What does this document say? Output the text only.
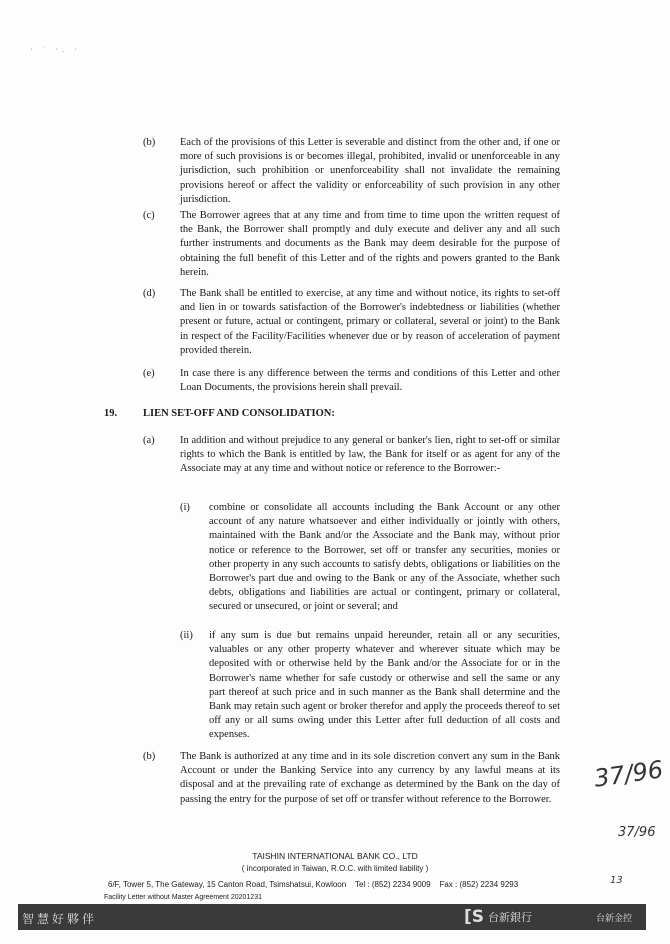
· ˙ ·. ·
(b) Each of the provisions of this Letter is severable and distinct from the other and, if one or more of such provisions is or becomes illegal, prohibited, invalid or unenforceable in any jurisdiction, such prohibition or unenforceability shall not invalidate the remaining provisions hereof or affect the validity or enforceability of such provision in any other jurisdiction.
(c) The Borrower agrees that at any time and from time to time upon the written request of the Bank, the Borrower shall promptly and duly execute and deliver any and all such further instruments and documents as the Bank may deem desirable for the purpose of obtaining the full benefit of this Letter and of the rights and powers granted to the Bank herein.
(d) The Bank shall be entitled to exercise, at any time and without notice, its rights to set-off and lien in or towards satisfaction of the Borrower's indebtedness or liabilities (whether present or future, actual or contingent, primary or collateral, several or joint) to the Bank in respect of the Facility/Facilities whenever due or by reason of acceleration of payment provided therein.
(e) In case there is any difference between the terms and conditions of this Letter and other Loan Documents, the provisions herein shall prevail.
19. LIEN SET-OFF AND CONSOLIDATION:
(a) In addition and without prejudice to any general or banker's lien, right to set-off or similar rights to which the Bank is entitled by law, the Bank for itself or as agent for any of the Associate may at any time and without notice or reference to the Borrower:-
(i) combine or consolidate all accounts including the Bank Account or any other account of any nature whatsoever and either individually or jointly with others, maintained with the Bank and/or the Associate and the Bank may, without prior notice or reference to the Borrower, set off or transfer any securities, monies or other property in any such accounts to satisfy debts, obligations or liabilities on the Borrower's part due and owing to the Bank or any of the Associate, whether such debts, obligations and liabilities are actual or contingent, primary or collateral, secured or unsecured, or joint or several; and
(ii) if any sum is due but remains unpaid hereunder, retain all or any securities, valuables or any other property whatever and wherever situate which may be deposited with or otherwise held by the Bank and/or the Associate for or in the Borrower's name whether for safe custody or otherwise and sell the same or any part thereof at such price and in such manner as the Bank shall determine and the Bank may retain such agent or broker therefor and apply the proceeds thereof to set off any or all sums owing under this Letter after full deduction of all costs and expenses.
(b) The Bank is authorized at any time and in its sole discretion convert any sum in the Bank Account or under the Banking Service into any currency by any lawful means at its disposal and at the prevailing rate of exchange as determined by the Bank on the day of passing the entry for the purpose of set off or transfer without reference to the Borrower.
37/96
37/96
13
TAISHIN INTERNATIONAL BANK CO., LTD
( incorporated in Taiwan, R.O.C. with limited liability )
6/F, Tower 5, The Gateway, 15 Canton Road, Tsimshatsui, Kowloon Tel : (852) 2234 9009 Fax : (852) 2234 9293
Facility Letter without Master Agreement 20201231
智慧好夥伴	[S 台新銀行	台新金控
